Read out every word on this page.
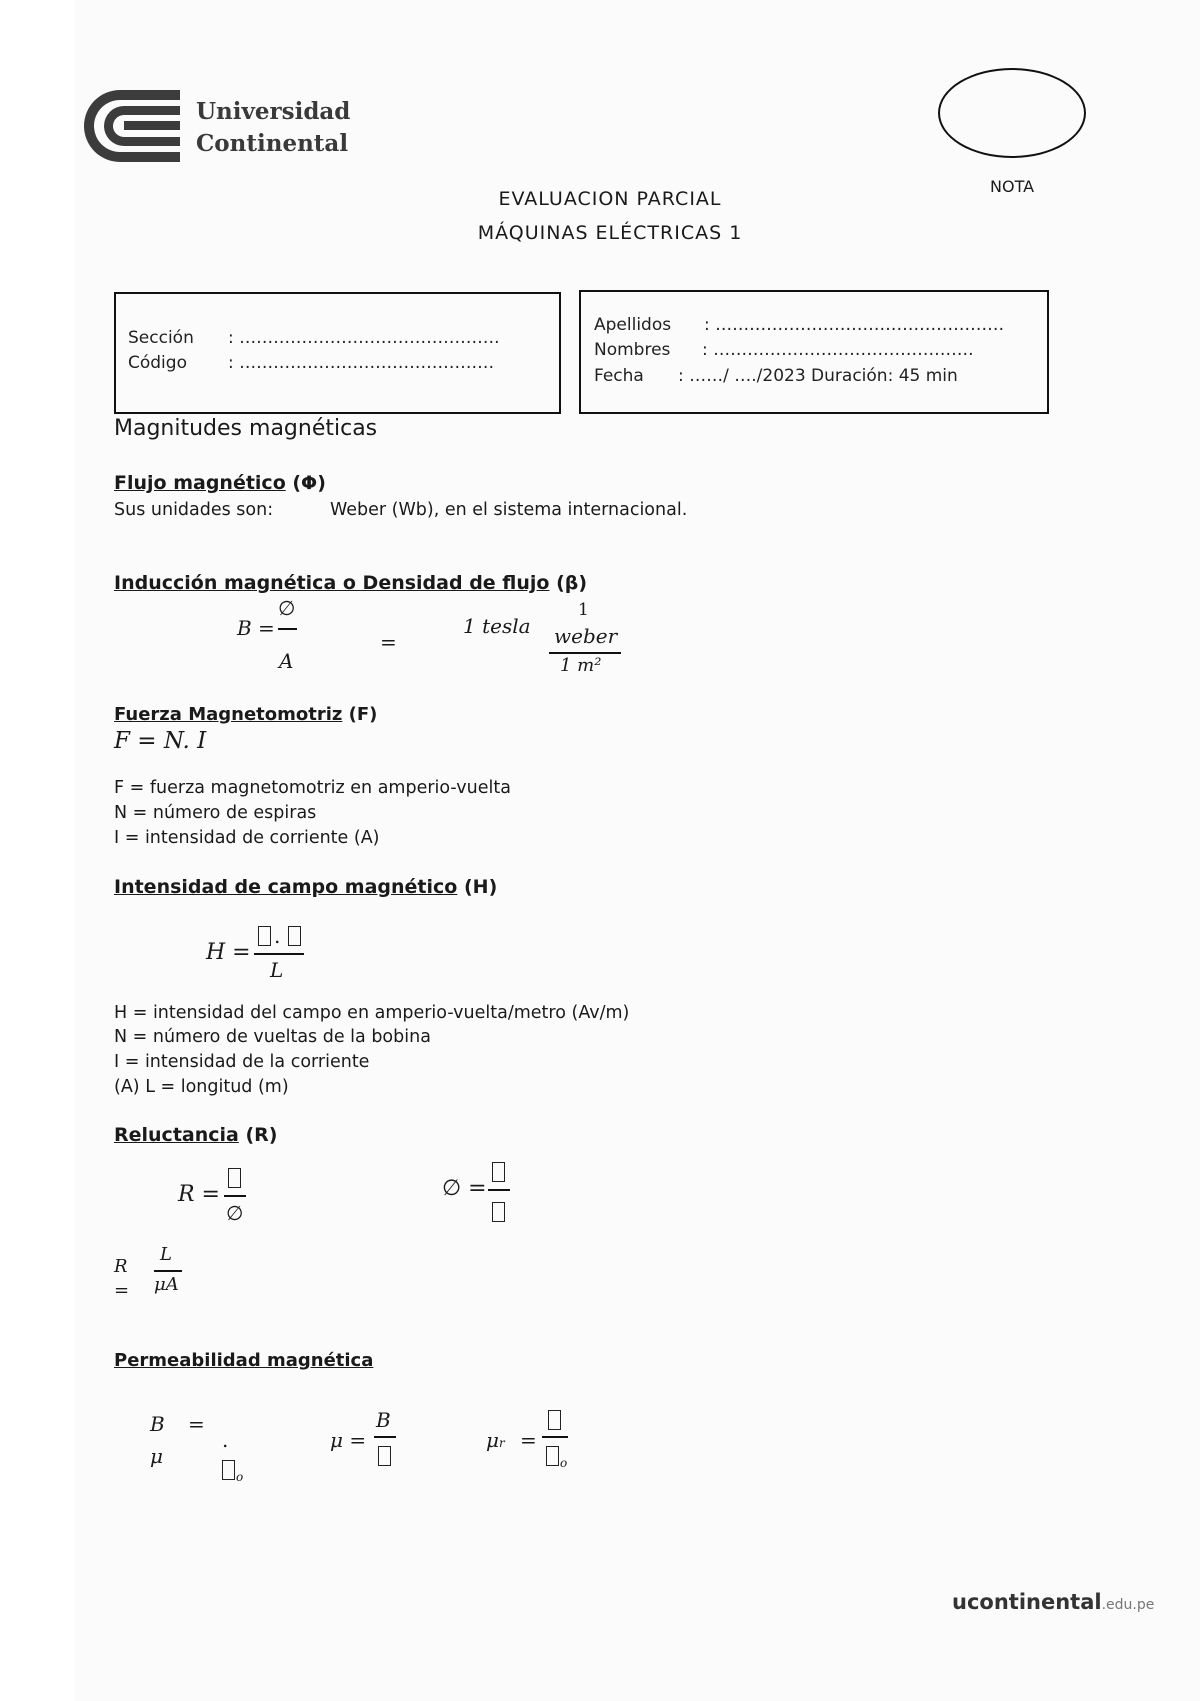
Universidad
Continental
NOTA
EVALUACION PARCIAL
MÁQUINAS ELÉCTRICAS 1
Sección : ……………………………………….
Código : ………………………………………
Apellidos : ……………………………………………
Nombres : ……………………………………….
Fecha : ……/ …./2023 Duración: 45 min
Magnitudes magnéticas
Flujo magnético (Φ)
Sus unidades son:	Weber (Wb), en el sistema internacional.
Inducción magnética o Densidad de flujo (β)
B =
∅
A
=
1 tesla
1
weber
1 m²
Fuerza Magnetomotriz (F)
F = N. I
F = fuerza magnetomotriz en amperio-vuelta
N = número de espiras
I = intensidad de corriente (A)
Intensidad de campo magnético (H)
H =
.
L
H = intensidad del campo en amperio-vuelta/metro (Av/m)
N = número de vueltas de la bobina
I = intensidad de la corriente
(A) L = longitud (m)
Reluctancia (R)
R =
∅
∅ =
R
=
L
μA
Permeabilidad magnética
B =
μ
.
o
μ =
B
μr =
o
ucontinental.edu.pe
